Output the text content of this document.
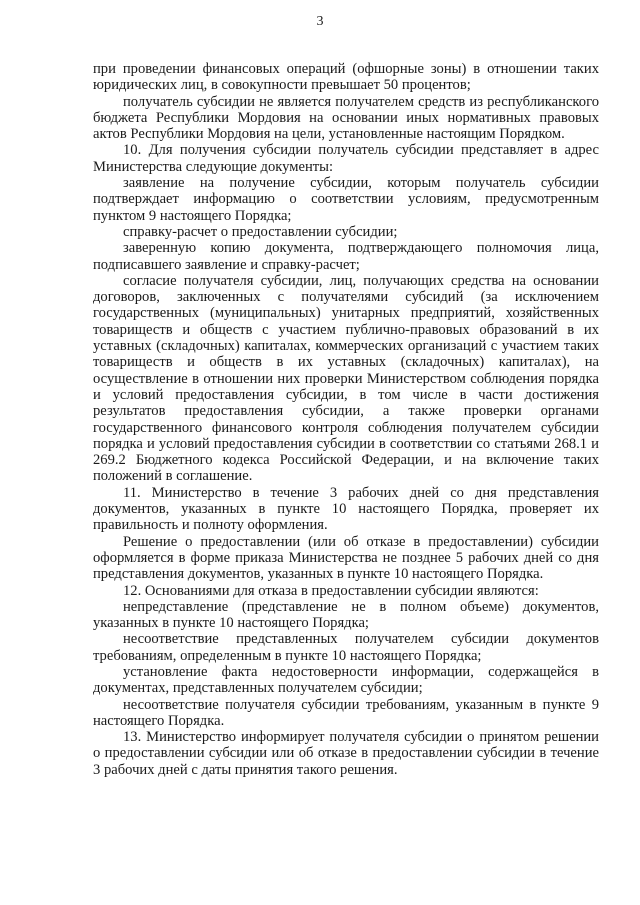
3

при проведении финансовых операций (офшорные зоны) в отношении таких юридических лиц, в совокупности превышает 50 процентов;

получатель субсидии не является получателем средств из республиканского бюджета Республики Мордовия на основании иных нормативных правовых актов Республики Мордовия на цели, установленные настоящим Порядком.

10. Для получения субсидии получатель субсидии представляет в адрес Министерства следующие документы:

заявление на получение субсидии, которым получатель субсидии подтверждает информацию о соответствии условиям, предусмотренным пунктом 9 настоящего Порядка;

справку-расчет о предоставлении субсидии;

заверенную копию документа, подтверждающего полномочия лица, подписавшего заявление и справку-расчет;

согласие получателя субсидии, лиц, получающих средства на основании договоров, заключенных с получателями субсидий (за исключением государственных (муниципальных) унитарных предприятий, хозяйственных товариществ и обществ с участием публично-правовых образований в их уставных (складочных) капиталах, коммерческих организаций с участием таких товариществ и обществ в их уставных (складочных) капиталах), на осуществление в отношении них проверки Министерством соблюдения порядка и условий предоставления субсидии, в том числе в части достижения результатов предоставления субсидии, а также проверки органами государственного финансового контроля соблюдения получателем субсидии порядка и условий предоставления субсидии в соответствии со статьями 268.1 и 269.2 Бюджетного кодекса Российской Федерации, и на включение таких положений в соглашение.

11. Министерство в течение 3 рабочих дней со дня представления документов, указанных в пункте 10 настоящего Порядка, проверяет их правильность и полноту оформления.

Решение о предоставлении (или об отказе в предоставлении) субсидии оформляется в форме приказа Министерства не позднее 5 рабочих дней со дня представления документов, указанных в пункте 10 настоящего Порядка.

12. Основаниями для отказа в предоставлении субсидии являются:

непредставление (представление не в полном объеме) документов, указанных в пункте 10 настоящего Порядка;

несоответствие представленных получателем субсидии документов требованиям, определенным в пункте 10 настоящего Порядка;

установление факта недостоверности информации, содержащейся в документах, представленных получателем субсидии;

несоответствие получателя субсидии требованиям, указанным в пункте 9 настоящего Порядка.

13. Министерство информирует получателя субсидии о принятом решении о предоставлении субсидии или об отказе в предоставлении субсидии в течение 3 рабочих дней с даты принятия такого решения.
